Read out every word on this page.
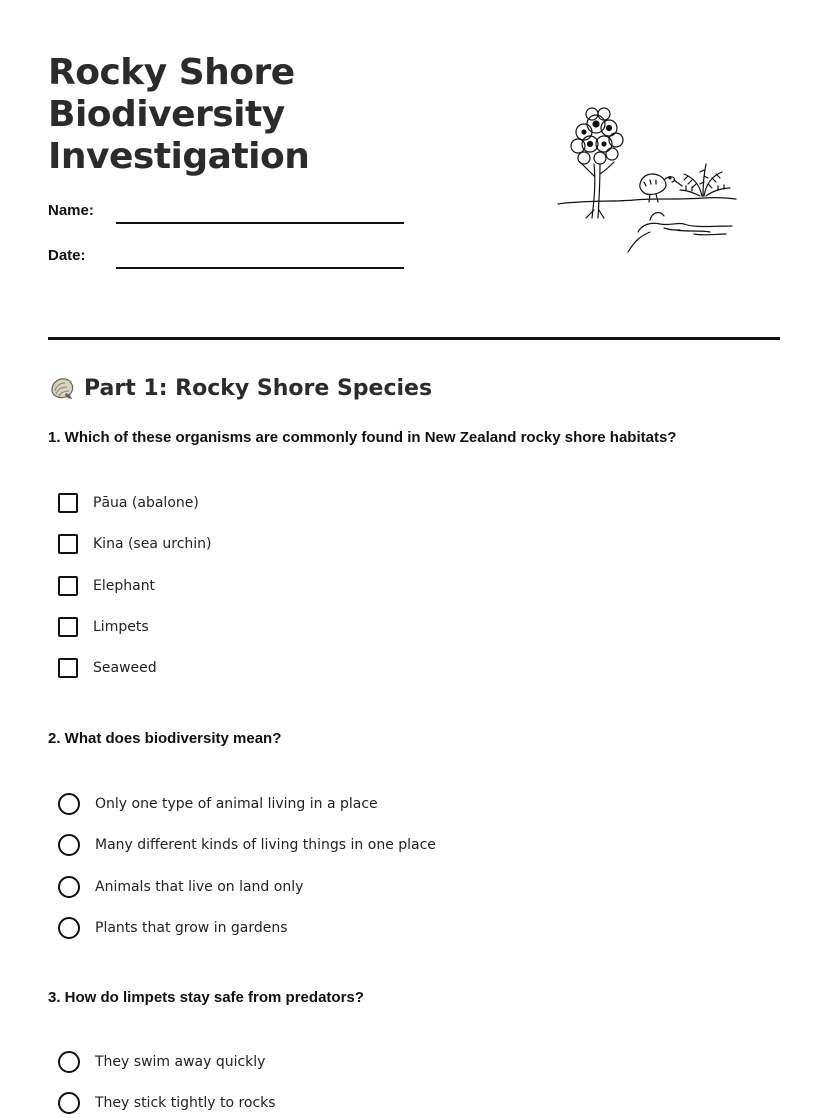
Rocky Shore
Biodiversity
Investigation
Name:
Date:
Part 1: Rocky Shore Species

1. Which of these organisms are commonly found in New Zealand rocky shore habitats?

Pāua (abalone)
Kina (sea urchin)
Elephant
Limpets
Seaweed

2. What does biodiversity mean?

Only one type of animal living in a place
Many different kinds of living things in one place
Animals that live on land only
Plants that grow in gardens

3. How do limpets stay safe from predators?

They swim away quickly
They stick tightly to rocks
